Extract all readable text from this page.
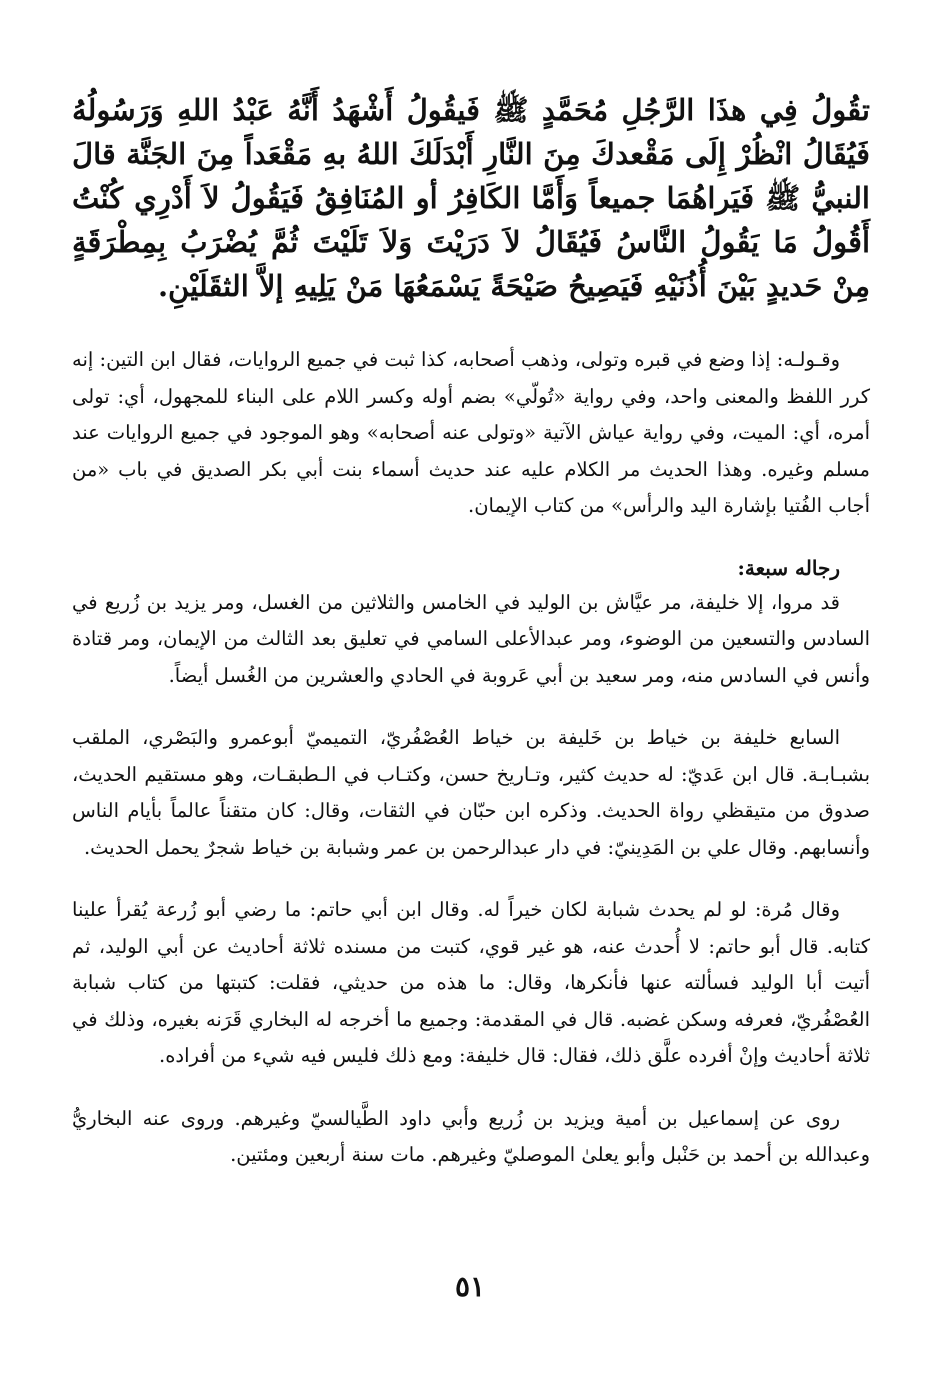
تقُولُ فِي هذَا الرَّجُلِ مُحَمَّدٍ ﷺ فَيقُولُ أَشْهَدُ أَنَّهُ عَبْدُ اللهِ وَرَسُولُهُ فَيُقَالُ انْظُرْ إِلَى مَقْعدكَ مِنَ النَّارِ أَبْدَلَكَ اللهُ بهِ مَقْعَداً مِنَ الجَنَّة قالَ النبيُّ ﷺ فَيَراهُمَا جميعاً وَأَمَّا الكَافِرُ أو المُنَافِقُ فَيَقُولُ لاَ أَدْرِي كُنْتُ أَقُولُ مَا يَقُولُ النَّاسُ فَيُقَالُ لاَ دَرَيْتَ وَلاَ تَلَيْتَ ثُمَّ يُضْرَبُ بِمِطْرَقَةٍ مِنْ حَديدٍ بَيْنَ أُذُنَيْهِ فَيَصِيحُ صَيْحَةً يَسْمَعُهَا مَنْ يَلِيهِ إلاَّ الثقَلَيْنِ.

وقـولـه: إذا وضع في قبره وتولى، وذهب أصحابه، كذا ثبت في جميع الروايات، فقال ابن التين: إنه كرر اللفظ والمعنى واحد، وفي رواية «تُولّي» بضم أوله وكسر اللام على البناء للمجهول، أي: تولى أمره، أي: الميت، وفي رواية عياش الآتية «وتولى عنه أصحابه» وهو الموجود في جميع الروايات عند مسلم وغيره. وهذا الحديث مر الكلام عليه عند حديث أسماء بنت أبي بكر الصديق في باب «من أجاب الفُتيا بإشارة اليد والرأس» من كتاب الإيمان.

رجاله سبعة:

قد مروا، إلا خليفة، مر عيَّاش بن الوليد في الخامس والثلاثين من الغسل، ومر يزيد بن زُريع في السادس والتسعين من الوضوء، ومر عبدالأعلى السامي في تعليق بعد الثالث من الإيمان، ومر قتادة وأنس في السادس منه، ومر سعيد بن أبي عَروبة في الحادي والعشرين من الغُسل أيضاً.

السابع خليفة بن خياط بن خَليفة بن خياط العُصْفُريّ، التميميّ أبوعمرو والبَصْري، الملقب بشبـابـة. قال ابن عَديّ: له حديث كثير، وتـاريخ حسن، وكتـاب في الـطبقـات، وهو مستقيم الحديث، صدوق من متيقظي رواة الحديث. وذكره ابن حبّان في الثقات، وقال: كان متقناً عالماً بأيام الناس وأنسابهم. وقال علي بن المَدِينيّ: في دار عبدالرحمن بن عمر وشبابة بن خياط شجرٌ يحمل الحديث.

وقال مُرة: لو لم يحدث شبابة لكان خيراً له. وقال ابن أبي حاتم: ما رضي أبو زُرعة يُقرأ علينا كتابه. قال أبو حاتم: لا أُحدث عنه، هو غير قوي، كتبت من مسنده ثلاثة أحاديث عن أبي الوليد، ثم أتيت أبا الوليد فسألته عنها فأنكرها، وقال: ما هذه من حديثي، فقلت: كتبتها من كتاب شبابة العُصْفُريّ، فعرفه وسكن غضبه. قال في المقدمة: وجميع ما أخرجه له البخاري قَرَنه بغيره، وذلك في ثلاثة أحاديث وإنْ أفرده علَّق ذلك، فقال: قال خليفة: ومع ذلك فليس فيه شيء من أفراده.

روى عن إسماعيل بن أمية ويزيد بن زُريع وأبي داود الطَّيالسيّ وغيرهم. وروى عنه البخاريُّ وعبدالله بن أحمد بن حَنْبل وأبو يعلىٰ الموصليّ وغيرهم. مات سنة أربعين ومئتين.

٥١
